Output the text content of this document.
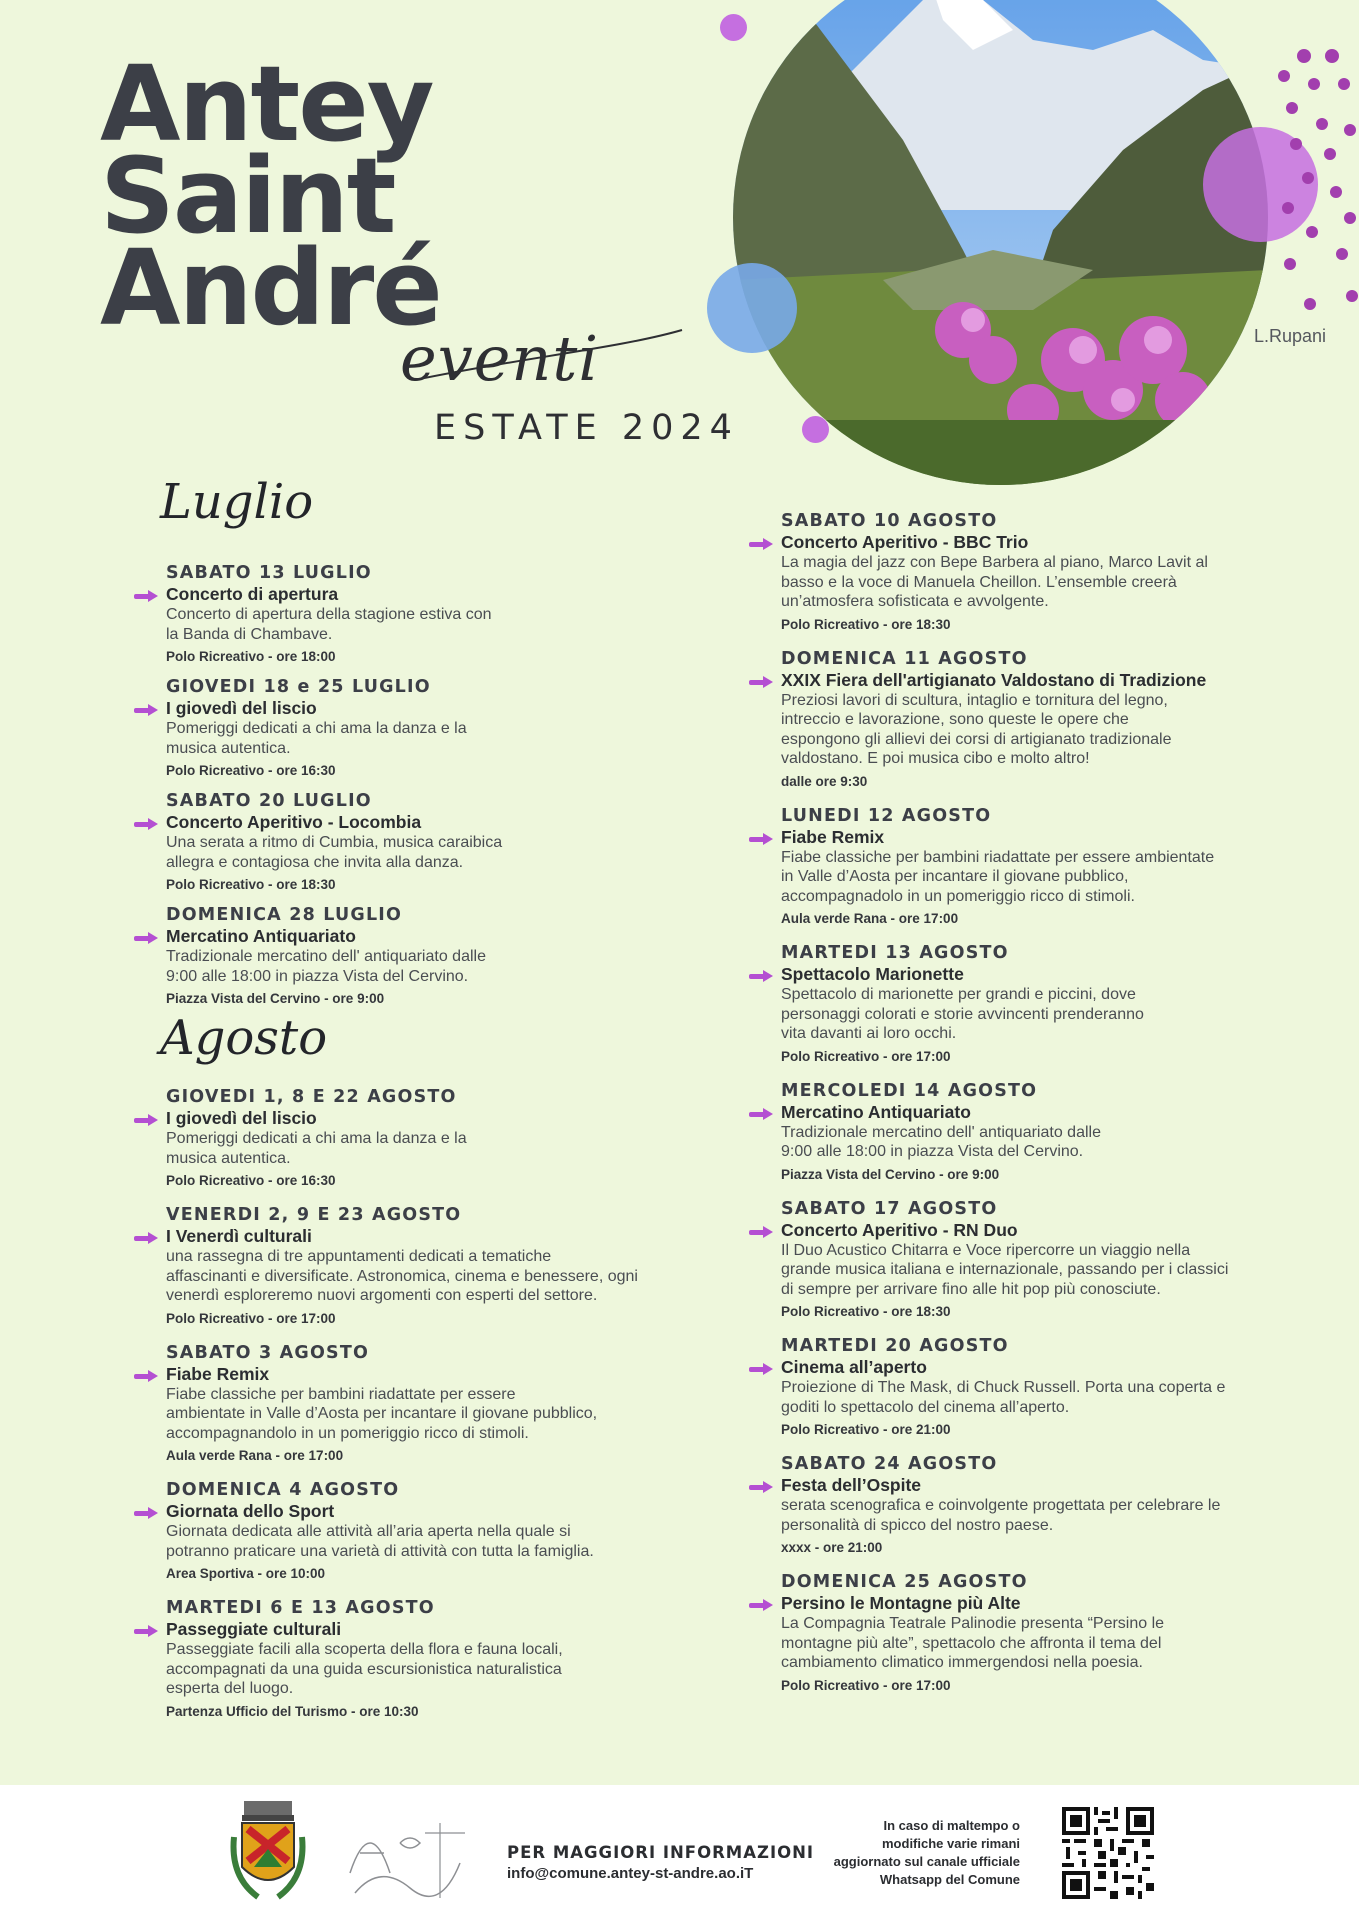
Antey
Saint
André
eventi
ESTATE 2024
L.Rupani
Luglio
Agosto
SABATO 13 LUGLIO
Concerto di apertura
Concerto di apertura della stagione estiva con
la Banda di Chambave.
Polo Ricreativo - ore 18:00
GIOVEDI 18 e 25 LUGLIO
I giovedì del liscio
Pomeriggi dedicati a chi ama la danza e la
musica autentica.
Polo Ricreativo - ore 16:30
SABATO 20 LUGLIO
Concerto Aperitivo - Locombia
Una serata a ritmo di Cumbia, musica caraibica
allegra e contagiosa che invita alla danza.
Polo Ricreativo - ore 18:30
DOMENICA 28 LUGLIO
Mercatino Antiquariato
Tradizionale mercatino dell' antiquariato dalle
9:00 alle 18:00 in piazza Vista del Cervino.
Piazza Vista del Cervino - ore 9:00
GIOVEDI 1, 8 E 22 AGOSTO
I giovedì del liscio
Pomeriggi dedicati a chi ama la danza e la
musica autentica.
Polo Ricreativo - ore 16:30
VENERDI 2, 9 E 23 AGOSTO
I Venerdì culturali
una rassegna di tre appuntamenti dedicati a tematiche
affascinanti e diversificate. Astronomica, cinema e benessere, ogni
venerdì esploreremo nuovi argomenti con esperti del settore.
Polo Ricreativo - ore 17:00
SABATO 3 AGOSTO
Fiabe Remix
Fiabe classiche per bambini riadattate per essere
ambientate in Valle d’Aosta per incantare il giovane pubblico,
accompagnandolo in un pomeriggio ricco di stimoli.
Aula verde Rana - ore 17:00
DOMENICA 4 AGOSTO
Giornata dello Sport
Giornata dedicata alle attività all’aria aperta nella quale si
potranno praticare una varietà di attività con tutta la famiglia.
Area Sportiva - ore 10:00
MARTEDI 6 E 13 AGOSTO
Passeggiate culturali
Passeggiate facili alla scoperta della flora e fauna locali,
accompagnati da una guida escursionistica naturalistica
esperta del luogo.
Partenza Ufficio del Turismo - ore 10:30
SABATO 10 AGOSTO
Concerto Aperitivo - BBC Trio
La magia del jazz con Bepe Barbera al piano, Marco Lavit al
basso e la voce di Manuela Cheillon. L’ensemble creerà
un’atmosfera sofisticata e avvolgente.
Polo Ricreativo - ore 18:30
DOMENICA 11 AGOSTO
XXIX Fiera dell'artigianato Valdostano di Tradizione
Preziosi lavori di scultura, intaglio e tornitura del legno,
intreccio e lavorazione, sono queste le opere che
espongono gli allievi dei corsi di artigianato tradizionale
valdostano. E poi musica cibo e molto altro!
dalle ore 9:30
LUNEDI 12 AGOSTO
Fiabe Remix
Fiabe classiche per bambini riadattate per essere ambientate
in Valle d’Aosta per incantare il giovane pubblico,
accompagnadolo in un pomeriggio ricco di stimoli.
Aula verde Rana - ore 17:00
MARTEDI 13 AGOSTO
Spettacolo Marionette
Spettacolo di marionette per grandi e piccini, dove
personaggi colorati e storie avvincenti prenderanno
vita davanti ai loro occhi.
Polo Ricreativo - ore 17:00
MERCOLEDI 14 AGOSTO
Mercatino Antiquariato
Tradizionale mercatino dell' antiquariato dalle
9:00 alle 18:00 in piazza Vista del Cervino.
Piazza Vista del Cervino - ore 9:00
SABATO 17 AGOSTO
Concerto Aperitivo - RN Duo
Il Duo Acustico Chitarra e Voce ripercorre un viaggio nella
grande musica italiana e internazionale, passando per i classici
di sempre per arrivare fino alle hit pop più conosciute.
Polo Ricreativo - ore 18:30
MARTEDI 20 AGOSTO
Cinema all’aperto
Proiezione di The Mask, di Chuck Russell. Porta una coperta e
goditi lo spettacolo del cinema all’aperto.
Polo Ricreativo - ore 21:00
SABATO 24 AGOSTO
Festa dell’Ospite
serata scenografica e coinvolgente progettata per celebrare le
personalità di spicco del nostro paese.
xxxx - ore 21:00
DOMENICA 25 AGOSTO
Persino le Montagne più Alte
La Compagnia Teatrale Palinodie presenta “Persino le
montagne più alte”, spettacolo che affronta il tema del
cambiamento climatico immergendosi nella poesia.
Polo Ricreativo - ore 17:00
PER MAGGIORI INFORMAZIONI
info@comune.antey-st-andre.ao.iT
In caso di maltempo o
modifiche varie rimani
aggiornato sul canale ufficiale
Whatsapp del Comune
